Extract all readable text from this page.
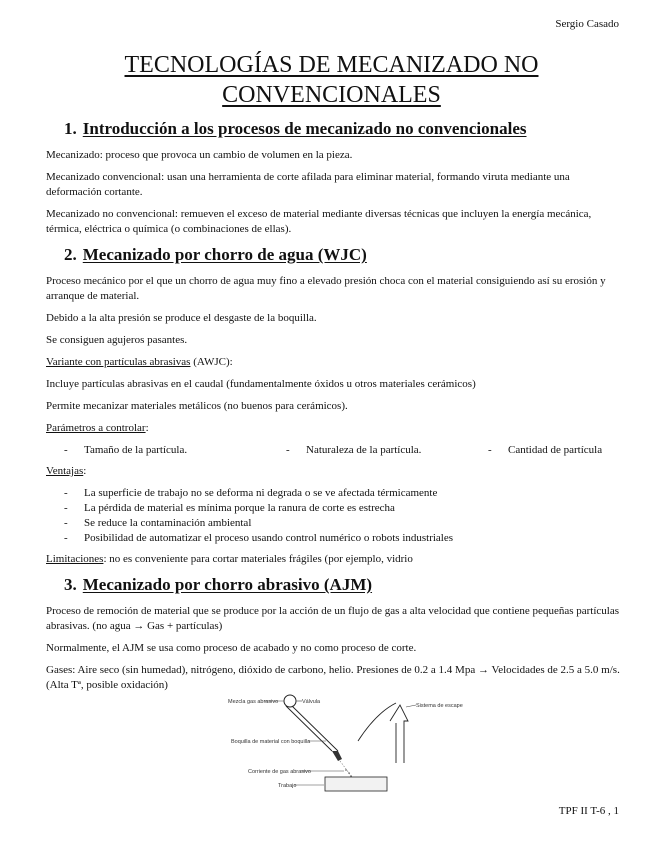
Sergio Casado
TECNOLOGÍAS DE MECANIZADO NO CONVENCIONALES
1. Introducción a los procesos de mecanizado no convencionales

Mecanizado: proceso que provoca un cambio de volumen en la pieza.

Mecanizado convencional: usan una herramienta de corte afilada para eliminar material, formando viruta mediante una deformación cortante.

Mecanizado no convencional: remueven el exceso de material mediante diversas técnicas que incluyen la energía mecánica, térmica, eléctrica o química (o combinaciones de ellas).

2. Mecanizado por chorro de agua (WJC)

Proceso mecánico por el que un chorro de agua muy fino a elevado presión choca con el material consiguiendo así su erosión y arranque de material.

Debido a la alta presión se produce el desgaste de la boquilla.

Se consiguen agujeros pasantes.

Variante con partículas abrasivas (AWJC):

Incluye partículas abrasivas en el caudal (fundamentalmente óxidos u otros materiales cerámicos)

Permite mecanizar materiales metálicos (no buenos para cerámicos).

Parámetros a controlar:

- Tamaño de la partícula.	- Naturaleza de la partícula.	- Cantidad de partícula

Ventajas:

- La superficie de trabajo no se deforma ni degrada o se ve afectada térmicamente
- La pérdida de material es mínima porque la ranura de corte es estrecha
- Se reduce la contaminación ambiental
- Posibilidad de automatizar el proceso usando control numérico o robots industriales

Limitaciones: no es conveniente para cortar materiales frágiles (por ejemplo, vidrio

3. Mecanizado por chorro abrasivo (AJM)

Proceso de remoción de material que se produce por la acción de un flujo de gas a alta velocidad que contiene pequeñas partículas abrasivas. (no agua → Gas + partículas)

Normalmente, el AJM se usa como proceso de acabado y no como proceso de corte.

Gases: Aire seco (sin humedad), nitrógeno, dióxido de carbono, helio. Presiones de 0.2 a 1.4 Mpa → Velocidades de 2.5 a 5.0 m/s. (Alta Tª, posible oxidación)

Mezcla gas abrasivo	Válvula
Sistema de escape
Boquilla de material con boquilla
Corriente de gas abrasivo
Trabajo
TPF II T-6 , 1
